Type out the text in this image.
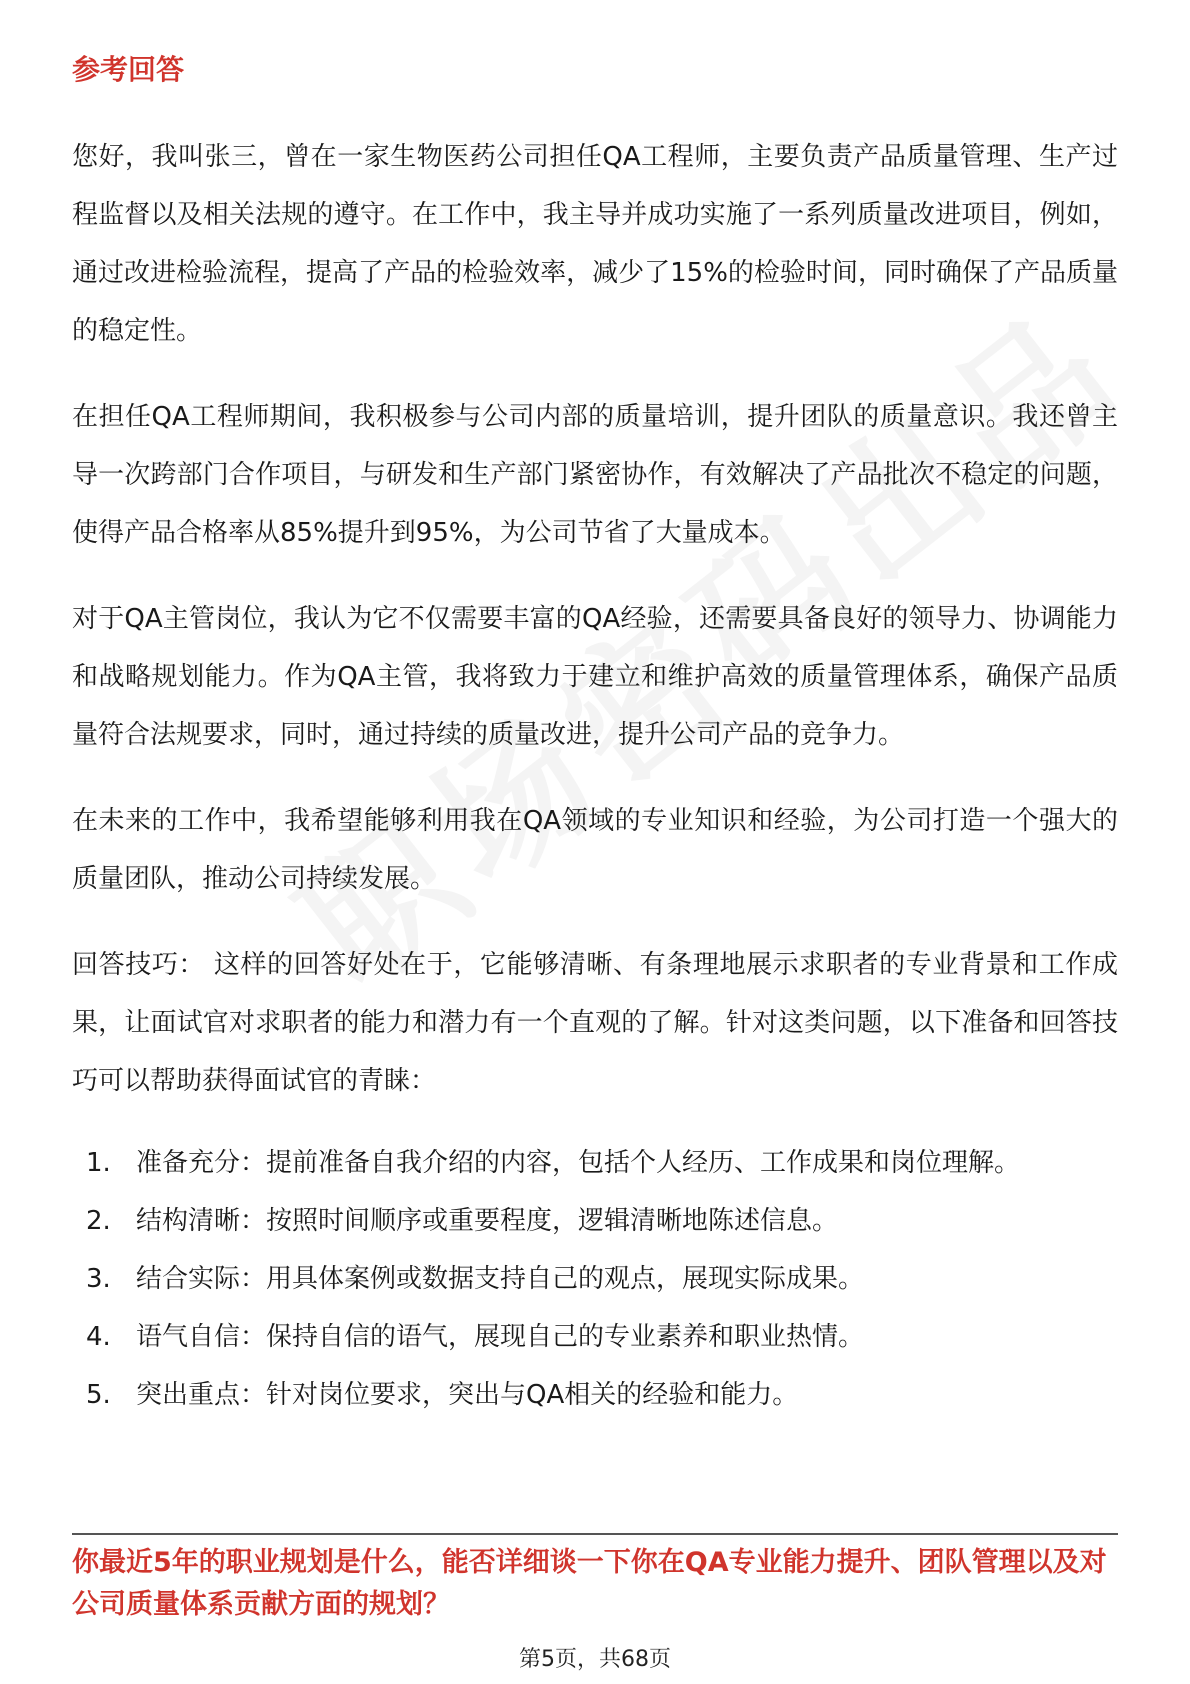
参考回答

您好，我叫张三，曾在一家生物医药公司担任QA工程师，主要负责产品质量管理、生产过程监督以及相关法规的遵守。在工作中，我主导并成功实施了一系列质量改进项目，例如，通过改进检验流程，提高了产品的检验效率，减少了15%的检验时间，同时确保了产品质量的稳定性。

在担任QA工程师期间，我积极参与公司内部的质量培训，提升团队的质量意识。我还曾主导一次跨部门合作项目，与研发和生产部门紧密协作，有效解决了产品批次不稳定的问题，使得产品合格率从85%提升到95%，为公司节省了大量成本。

对于QA主管岗位，我认为它不仅需要丰富的QA经验，还需要具备良好的领导力、协调能力和战略规划能力。作为QA主管，我将致力于建立和维护高效的质量管理体系，确保产品质量符合法规要求，同时，通过持续的质量改进，提升公司产品的竞争力。

在未来的工作中，我希望能够利用我在QA领域的专业知识和经验，为公司打造一个强大的质量团队，推动公司持续发展。

回答技巧： 这样的回答好处在于，它能够清晰、有条理地展示求职者的专业背景和工作成果，让面试官对求职者的能力和潜力有一个直观的了解。针对这类问题，以下准备和回答技巧可以帮助获得面试官的青睐：

1. 准备充分：提前准备自我介绍的内容，包括个人经历、工作成果和岗位理解。
2. 结构清晰：按照时间顺序或重要程度，逻辑清晰地陈述信息。
3. 结合实际：用具体案例或数据支持自己的观点，展现实际成果。
4. 语气自信：保持自信的语气，展现自己的专业素养和职业热情。
5. 突出重点：针对岗位要求，突出与QA相关的经验和能力。
你最近5年的职业规划是什么，能否详细谈一下你在QA专业能力提升、团队管理以及对公司质量体系贡献方面的规划？
第5页，共68页
